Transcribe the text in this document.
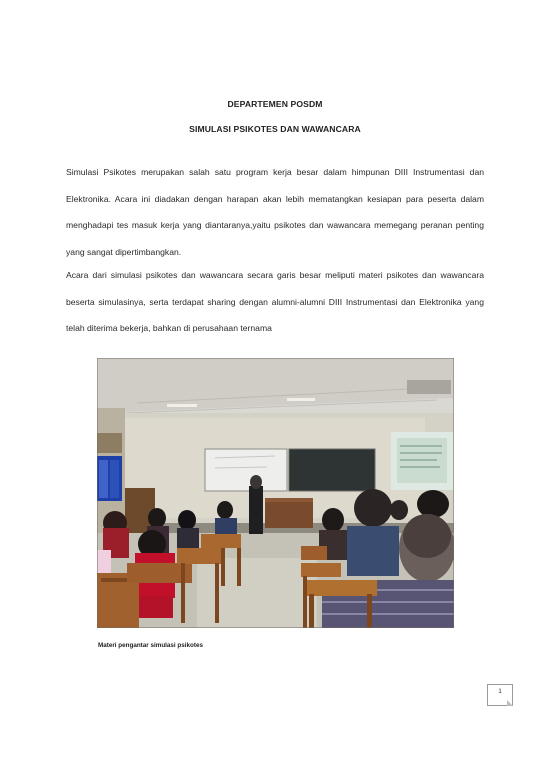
DEPARTEMEN POSDM
SIMULASI PSIKOTES DAN WAWANCARA
Simulasi Psikotes merupakan salah satu program kerja besar dalam himpunan DIII Instrumentasi dan Elektronika. Acara ini diadakan dengan harapan akan lebih mematangkan kesiapan para peserta dalam menghadapi tes masuk kerja yang diantaranya,yaitu psikotes dan wawancara memegang peranan penting yang sangat dipertimbangkan.
Acara dari simulasi psikotes dan wawancara secara garis besar meliputi materi psikotes dan wawancara beserta simulasinya, serta terdapat sharing dengan alumni-alumni DIII Instrumentasi dan Elektronika yang telah diterima bekerja, bahkan di perusahaan ternama
Materi pengantar simulasi psikotes
1
